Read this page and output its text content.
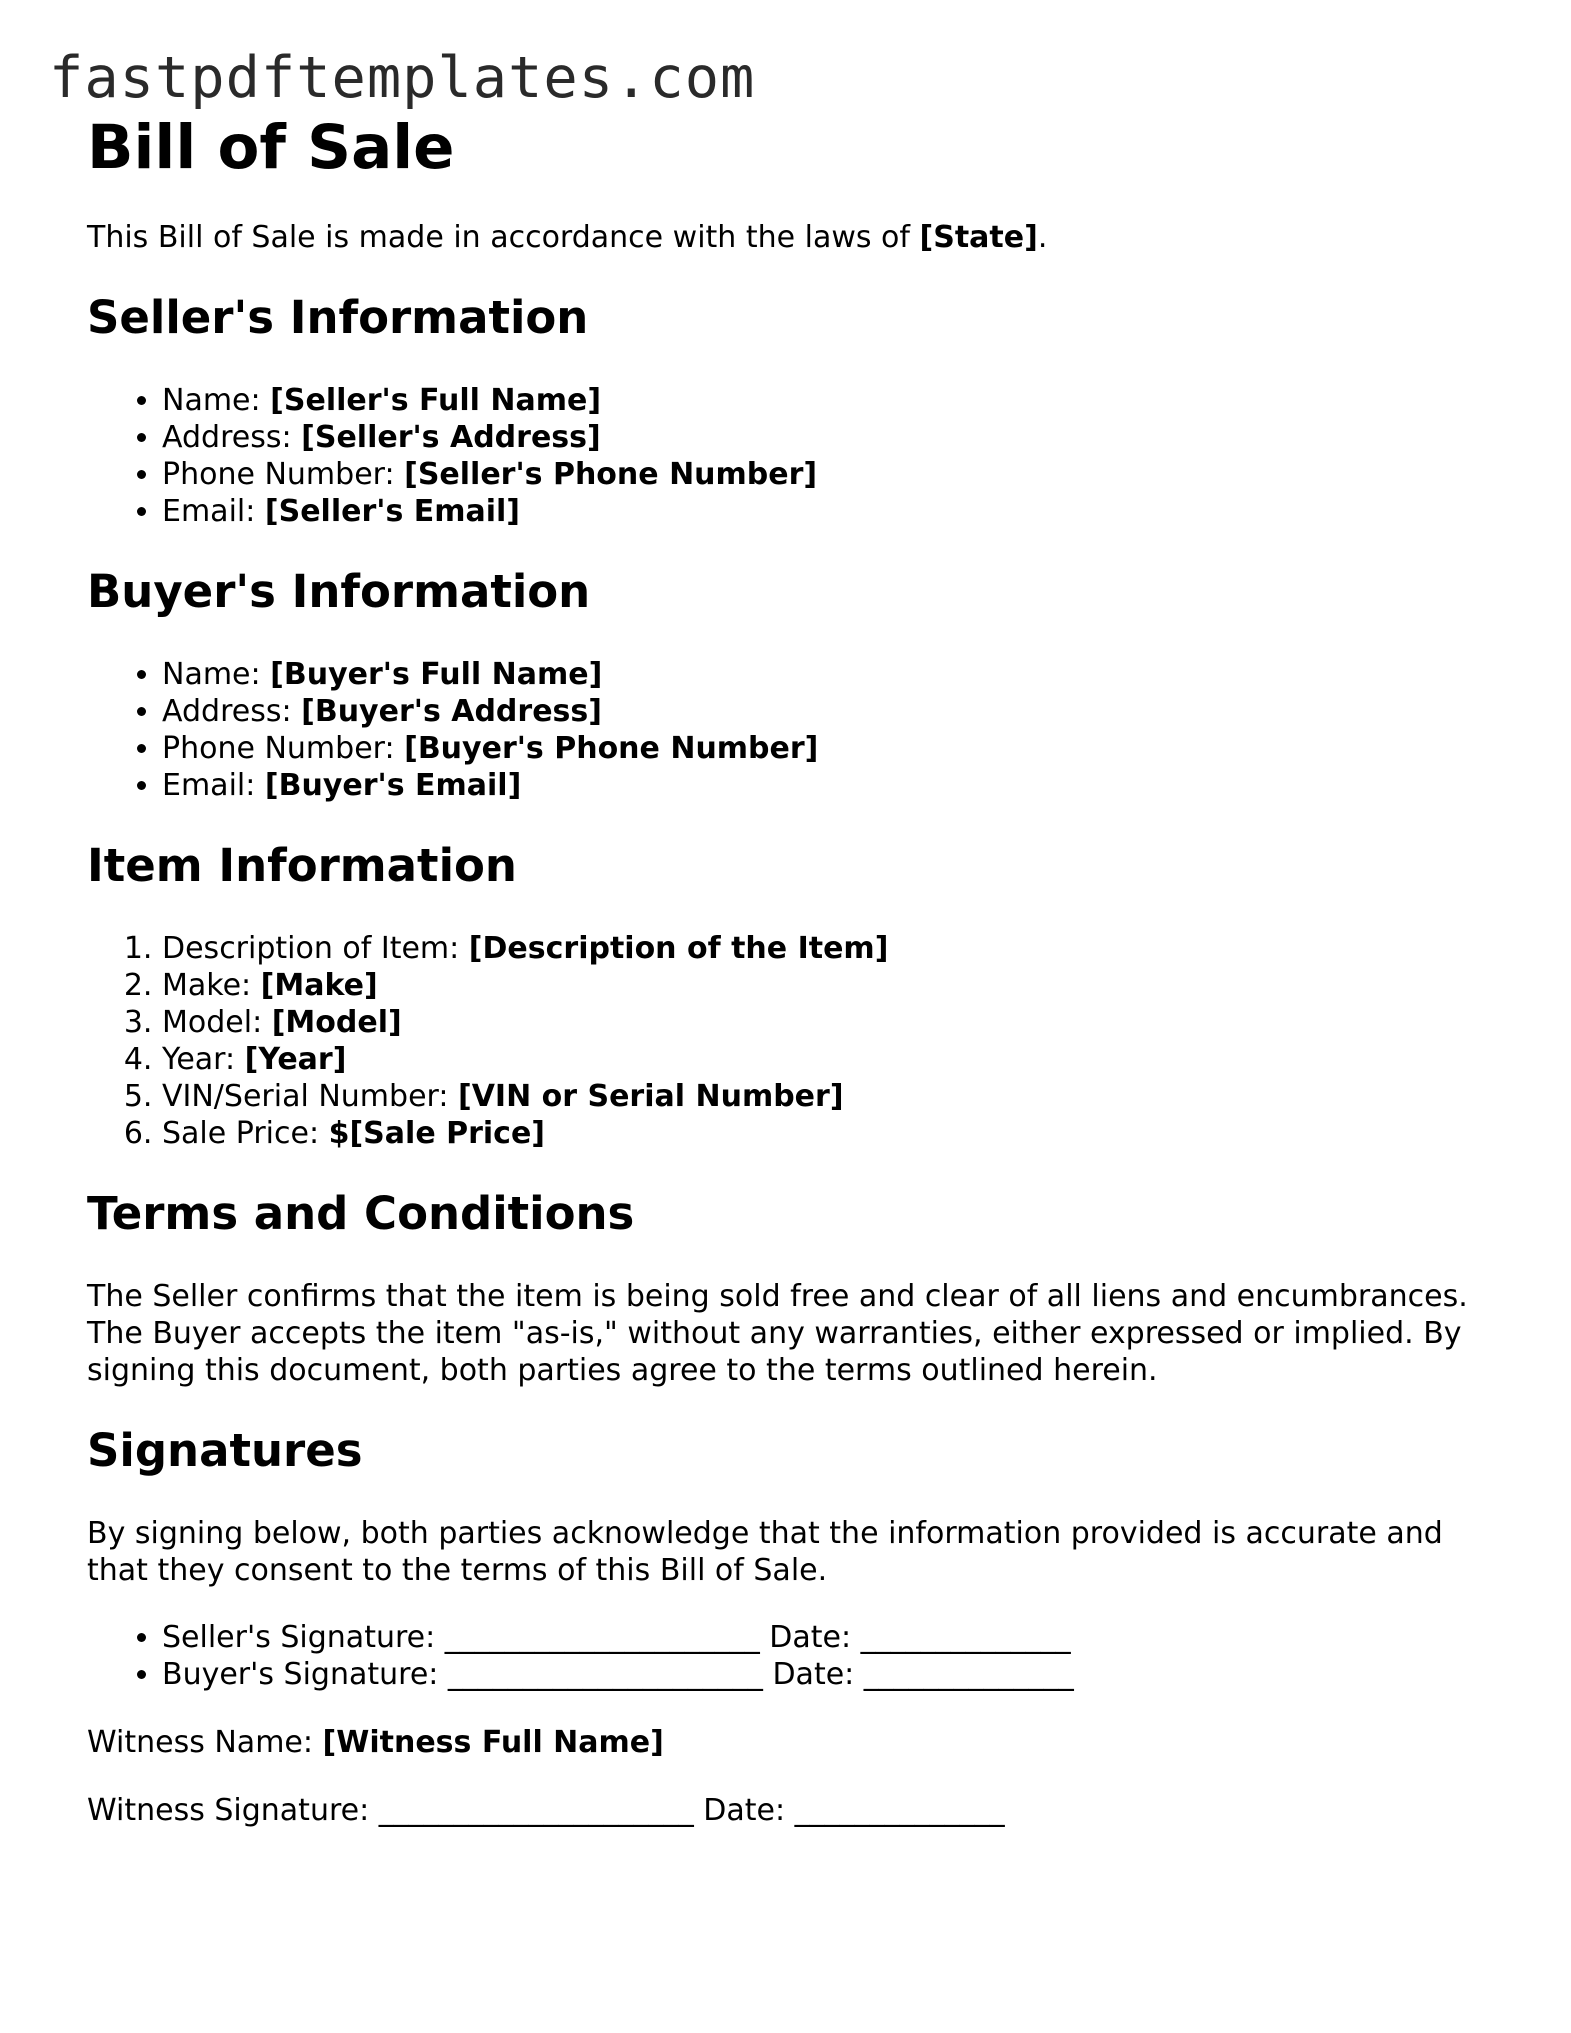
fastpdftemplates.com
Bill of Sale

This Bill of Sale is made in accordance with the laws of [State].

Seller's Information
• Name: [Seller's Full Name]
• Address: [Seller's Address]
• Phone Number: [Seller's Phone Number]
• Email: [Seller's Email]
Buyer's Information
• Name: [Buyer's Full Name]
• Address: [Buyer's Address]
• Phone Number: [Buyer's Phone Number]
• Email: [Buyer's Email]
Item Information
1. Description of Item: [Description of the Item]
2. Make: [Make]
3. Model: [Model]
4. Year: [Year]
5. VIN/Serial Number: [VIN or Serial Number]
6. Sale Price: $[Sale Price]
Terms and Conditions

The Seller confirms that the item is being sold free and clear of all liens and encumbrances. The Buyer accepts the item "as-is," without any warranties, either expressed or implied. By signing this document, both parties agree to the terms outlined herein.

Signatures

By signing below, both parties acknowledge that the information provided is accurate and that they consent to the terms of this Bill of Sale.

• Seller's Signature: _____________________ Date: ______________
• Buyer's Signature: _____________________ Date: ______________

Witness Name: [Witness Full Name]

Witness Signature: _____________________ Date: ______________
